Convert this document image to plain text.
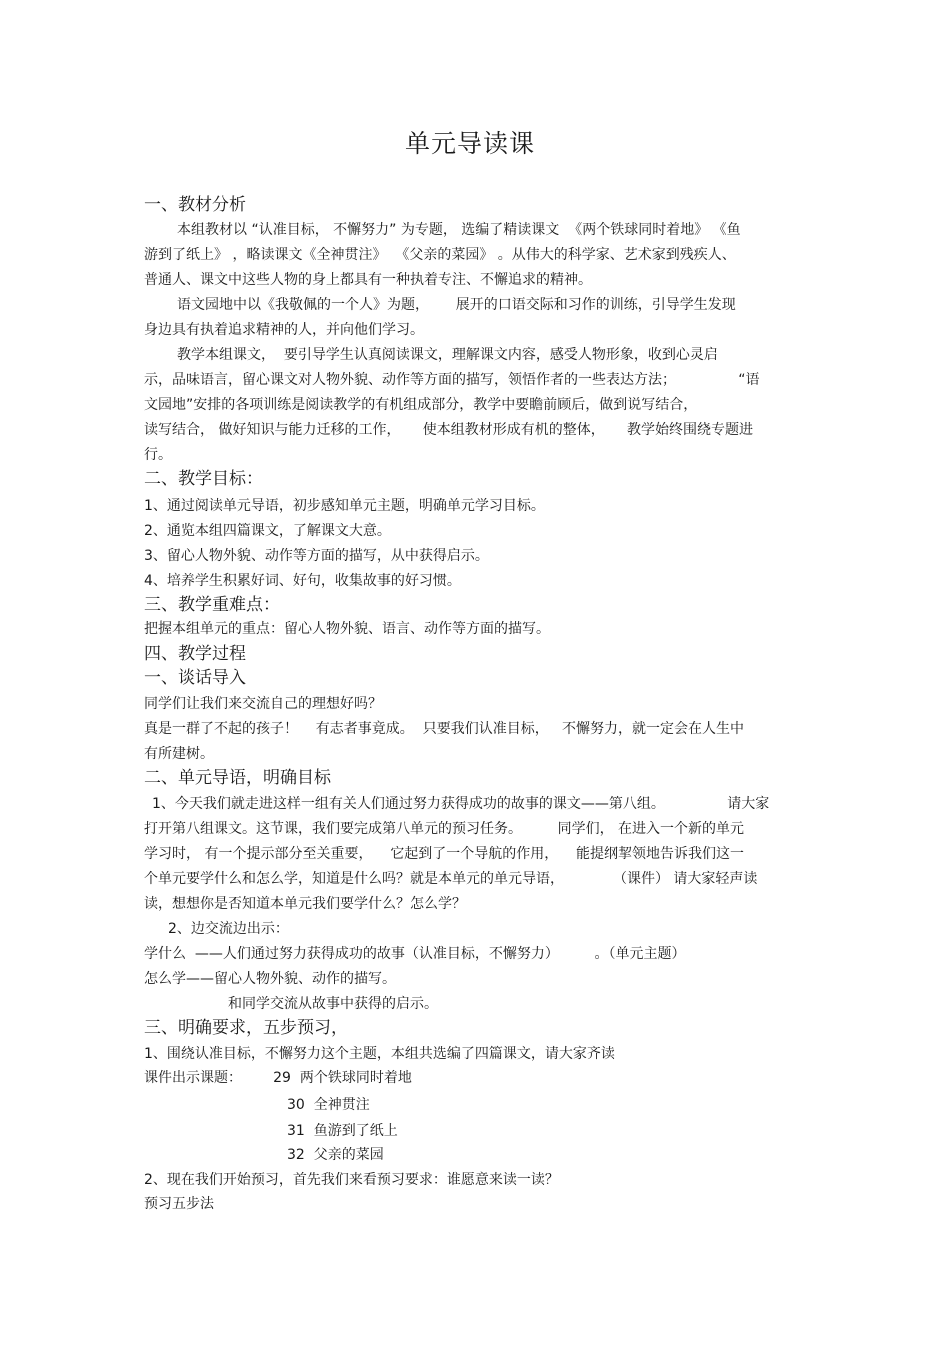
单元导读课
一、教材分析
本组教材以 “认准目标， 不懈努力” 为专题， 选编了精读课文  《两个铁球同时着地》 《鱼
游到了纸上》 ，略读课文《全神贯注》  《父亲的菜园》 。从伟大的科学家、艺术家到残疾人、
普通人、课文中这些人物的身上都具有一种执着专注、不懈追求的精神。
语文园地中以《我敬佩的一个人》为题，      展开的口语交际和习作的训练，引导学生发现
身边具有执着追求精神的人，并向他们学习。
教学本组课文，  要引导学生认真阅读课文，理解课文内容，感受人物形象，收到心灵启
示，品味语言，留心课文对人物外貌、动作等方面的描写，领悟作者的一些表达方法；              “语
文园地”安排的各项训练是阅读教学的有机组成部分，教学中要瞻前顾后，做到说写结合，
读写结合， 做好知识与能力迁移的工作，     使本组教材形成有机的整体，     教学始终围绕专题进
行。
二、教学目标：
1、通过阅读单元导语，初步感知单元主题，明确单元学习目标。
2、通览本组四篇课文，了解课文大意。
3、留心人物外貌、动作等方面的描写，从中获得启示。
4、培养学生积累好词、好句，收集故事的好习惯。
三、教学重难点：
把握本组单元的重点：留心人物外貌、语言、动作等方面的描写。
四、教学过程
一、谈话导入
同学们让我们来交流自己的理想好吗？
真是一群了不起的孩子！    有志者事竟成。  只要我们认准目标，   不懈努力，就一定会在人生中
有所建树。
二、单元导语，明确目标
1、今天我们就走进这样一组有关人们通过努力获得成功的故事的课文——第八组。              请大家
打开第八组课文。这节课，我们要完成第八单元的预习任务。        同学们， 在进入一个新的单元
学习时， 有一个提示部分至关重要，    它起到了一个导航的作用，    能提纲挈领地告诉我们这一
个单元要学什么和怎么学，知道是什么吗？就是本单元的单元导语，           （课件） 请大家轻声读
读，想想你是否知道本单元我们要学什么？怎么学？
2、边交流边出示：
学什么  ——人们通过努力获得成功的故事（认准目标，不懈努力）        。（单元主题）
怎么学——留心人物外貌、动作的描写。
和同学交流从故事中获得的启示。
三、明确要求，五步预习，
1、围绕认准目标，不懈努力这个主题，本组共选编了四篇课文，请大家齐读
课件出示课题：       29  两个铁球同时着地
30  全神贯注
31  鱼游到了纸上
32  父亲的菜园
2、现在我们开始预习，首先我们来看预习要求：谁愿意来读一读？
预习五步法
